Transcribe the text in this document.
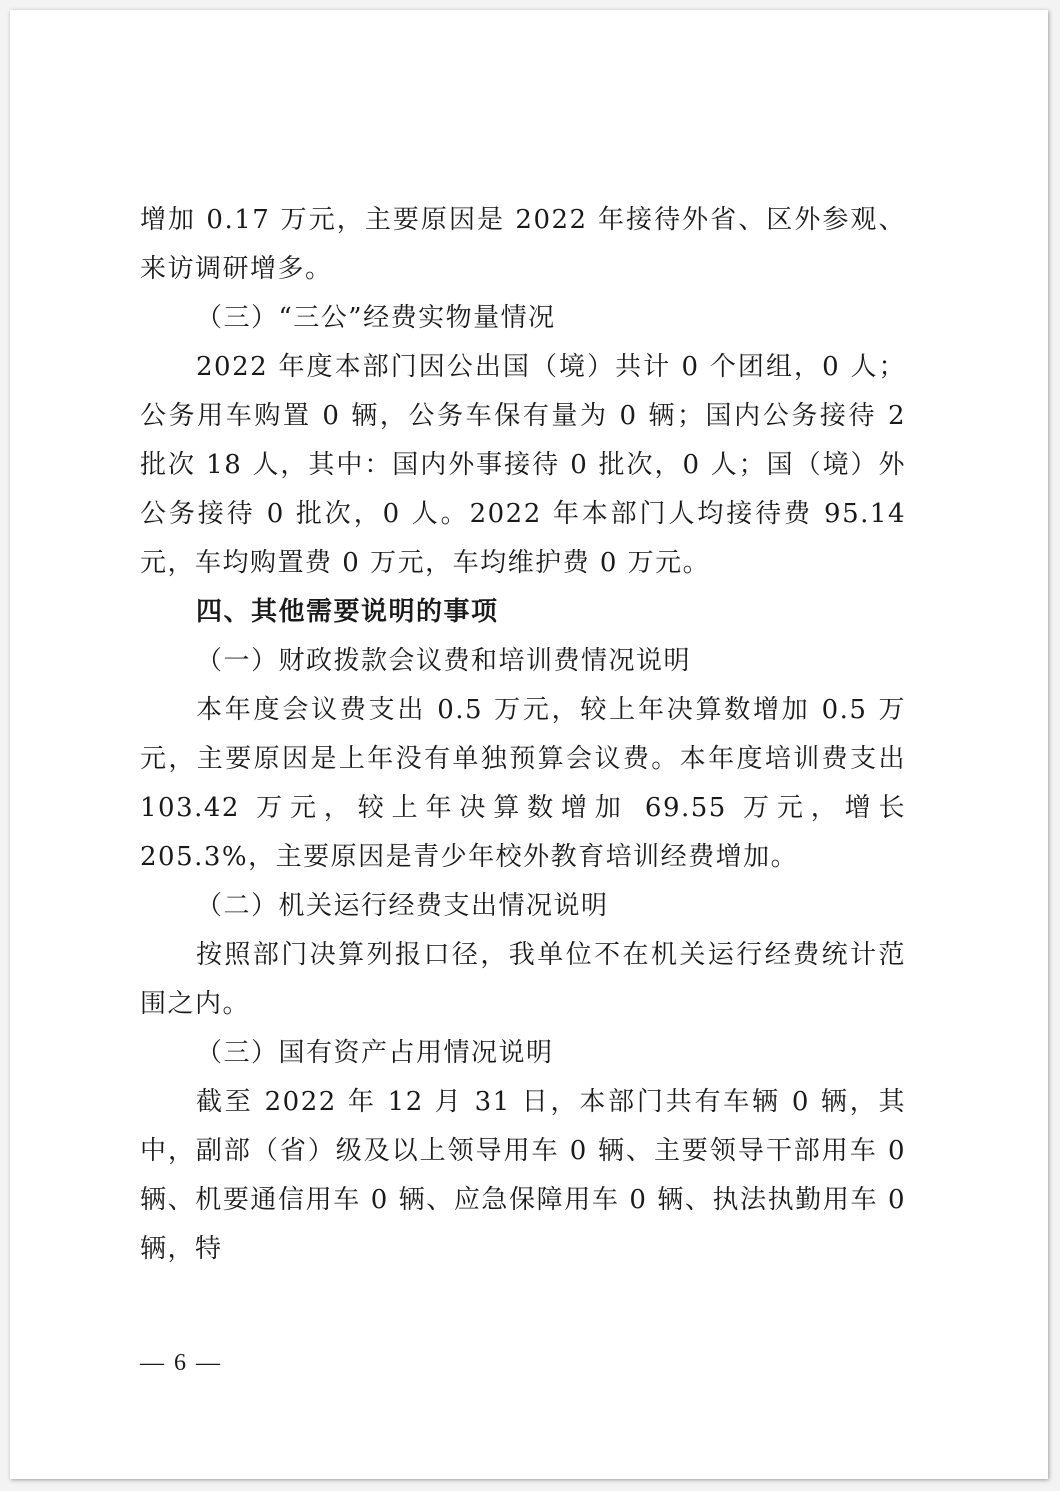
增加 0.17 万元，主要原因是 2022 年接待外省、区外参观、来访调研增多。

（三）“三公”经费实物量情况

2022 年度本部门因公出国（境）共计 0 个团组，0 人；公务用车购置 0 辆，公务车保有量为 0 辆；国内公务接待 2 批次 18 人，其中：国内外事接待 0 批次，0 人；国（境）外公务接待 0 批次，0 人。2022 年本部门人均接待费 95.14 元，车均购置费 0 万元，车均维护费 0 万元。

四、其他需要说明的事项

（一）财政拨款会议费和培训费情况说明

本年度会议费支出 0.5 万元，较上年决算数增加 0.5 万元，主要原因是上年没有单独预算会议费。本年度培训费支出 103.42 万元，较上年决算数增加 69.55 万元，增长 205.3%，主要原因是青少年校外教育培训经费增加。

（二）机关运行经费支出情况说明

按照部门决算列报口径，我单位不在机关运行经费统计范围之内。

（三）国有资产占用情况说明

截至 2022 年 12 月 31 日，本部门共有车辆 0 辆，其中，副部（省）级及以上领导用车 0 辆、主要领导干部用车 0 辆、机要通信用车 0 辆、应急保障用车 0 辆、执法执勤用车 0 辆，特

— 6 —
